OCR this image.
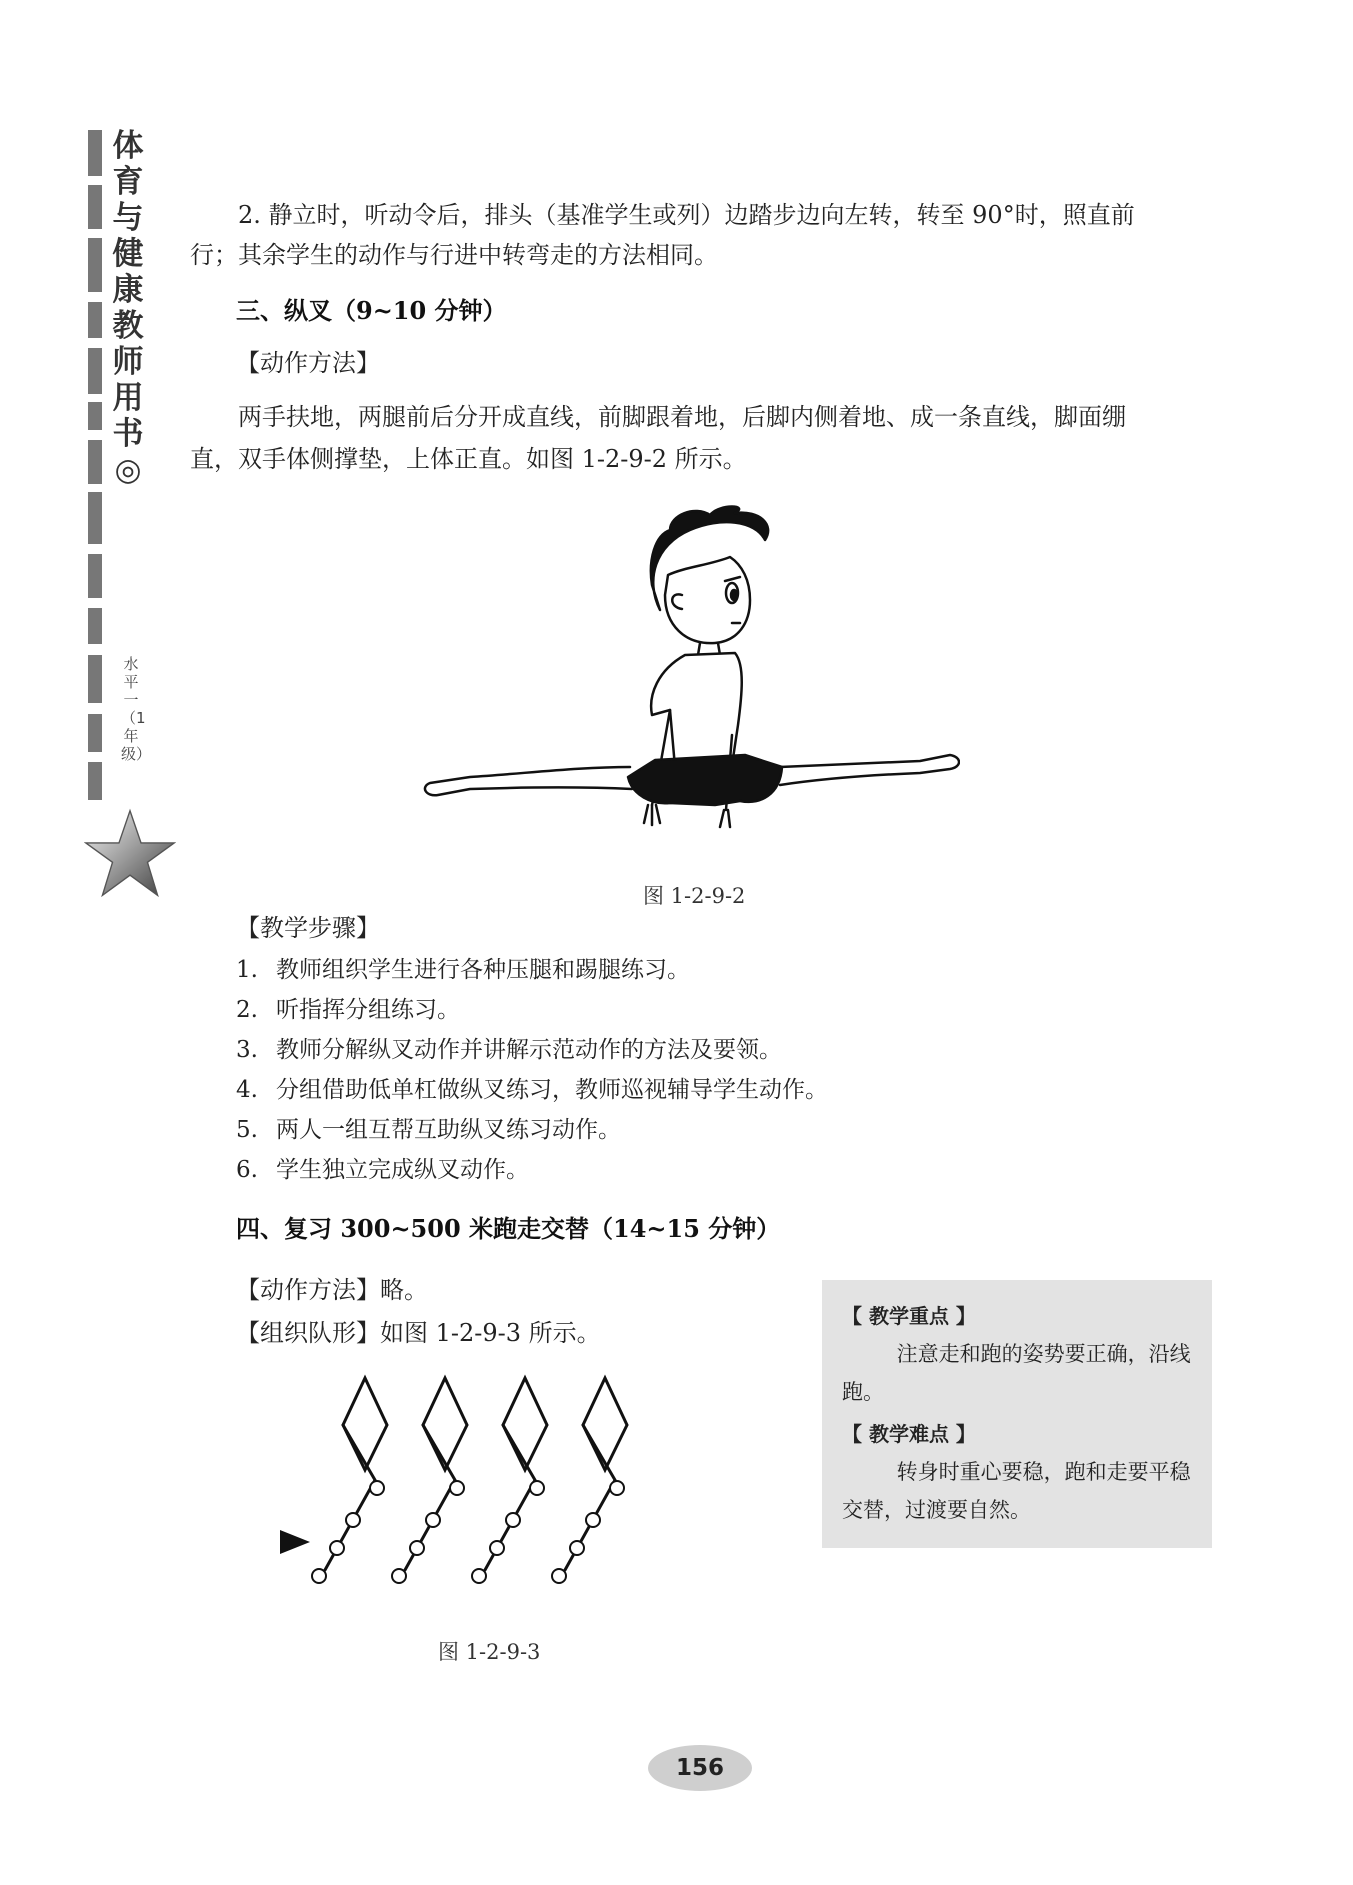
体育与健康教师用书◎
水平一（1年级）
2. 静立时，听动令后，排头（基准学生或列）边踏步边向左转，转至 90°时，照直前
行；其余学生的动作与行进中转弯走的方法相同。
三、纵叉（9~10 分钟）
【动作方法】
两手扶地，两腿前后分开成直线，前脚跟着地，后脚内侧着地、成一条直线，脚面绷
直，双手体侧撑垫，上体正直。如图 1-2-9-2 所示。
图 1-2-9-2
【教学步骤】
1. 教师组织学生进行各种压腿和踢腿练习。
2. 听指挥分组练习。
3. 教师分解纵叉动作并讲解示范动作的方法及要领。
4. 分组借助低单杠做纵叉练习，教师巡视辅导学生动作。
5. 两人一组互帮互助纵叉练习动作。
6. 学生独立完成纵叉动作。
四、复习 300~500 米跑走交替（14~15 分钟）
【动作方法】略。
【组织队形】如图 1-2-9-3 所示。
图 1-2-9-3
【 教学重点 】
注意走和跑的姿势要正确，沿线跑。
【 教学难点 】
转身时重心要稳，跑和走要平稳交替，过渡要自然。
156
